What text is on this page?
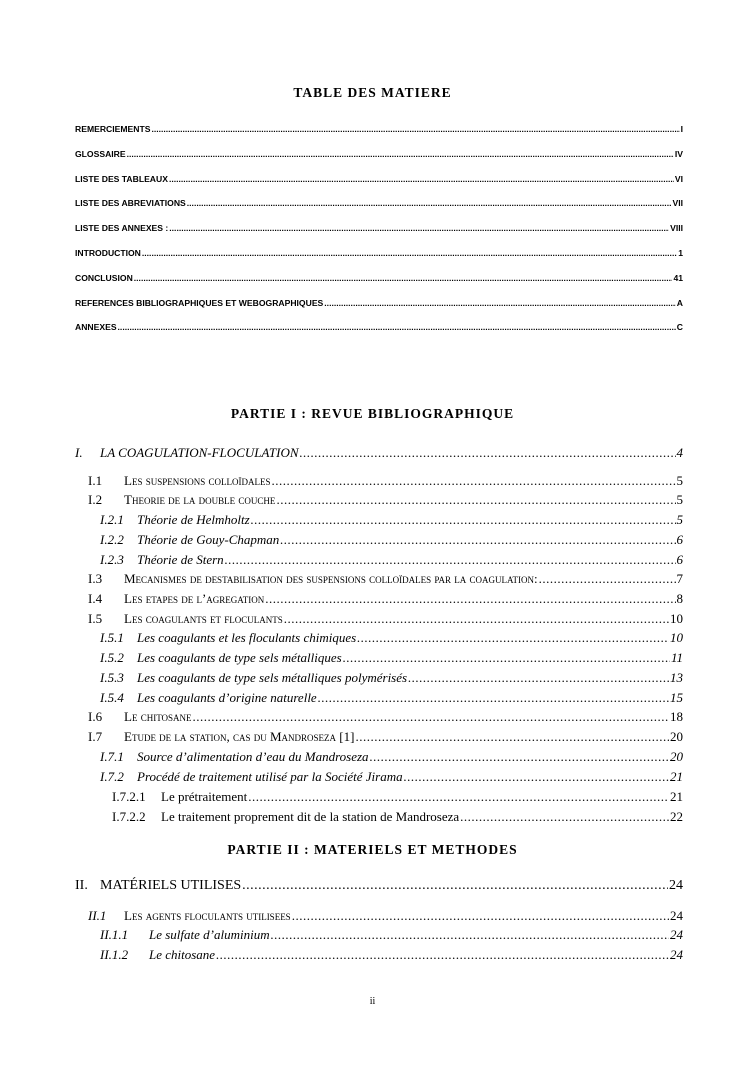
TABLE DES MATIERE
REMERCIEMENTS .....	I
GLOSSAIRE .....	IV
LISTE DES TABLEAUX .....	VI
LISTE DES ABREVIATIONS .....	VII
LISTE DES ANNEXES : .....	VIII
INTRODUCTION .....	1
CONCLUSION .....	41
REFERENCES BIBLIOGRAPHIQUES ET WEBOGRAPHIQUES .....	A
ANNEXES .....	C
PARTIE I : REVUE BIBLIOGRAPHIQUE
I.	LA COAGULATION-FLOCULATION .....	4
I.1	Les suspensions colloïdales .....	5
I.2	Theorie de la double couche .....	5
I.2.1	Théorie de Helmholtz .....	5
I.2.2	Théorie de Gouy-Chapman .....	6
I.2.3	Théorie de Stern .....	6
I.3	Mecanismes de destabilisation des suspensions colloïdales par la coagulation: .....	7
I.4	Les etapes de l’agregation .....	8
I.5	Les coagulants et floculants .....	10
I.5.1	Les coagulants et les floculants chimiques .....	10
I.5.2	Les coagulants de type sels métalliques .....	11
I.5.3	Les coagulants de type sels métalliques polymérisés .....	13
I.5.4	Les coagulants d’origine naturelle .....	15
I.6	Le chitosane .....	18
I.7	Etude de la station, cas du Mandroseza [1] .....	20
I.7.1	Source d’alimentation d’eau du Mandroseza .....	20
I.7.2	Procédé de traitement utilisé par la Société Jirama .....	21
I.7.2.1	Le prétraitement .....	21
I.7.2.2	Le traitement proprement dit de la station de Mandroseza .....	22
PARTIE II : MATERIELS ET METHODES
II. MATÉRIELS UTILISES .....	24
II.1	Les agents floculants utilisees .....	24
II.1.1	Le sulfate d’aluminium .....	24
II.1.2	Le chitosane .....	24
ii
